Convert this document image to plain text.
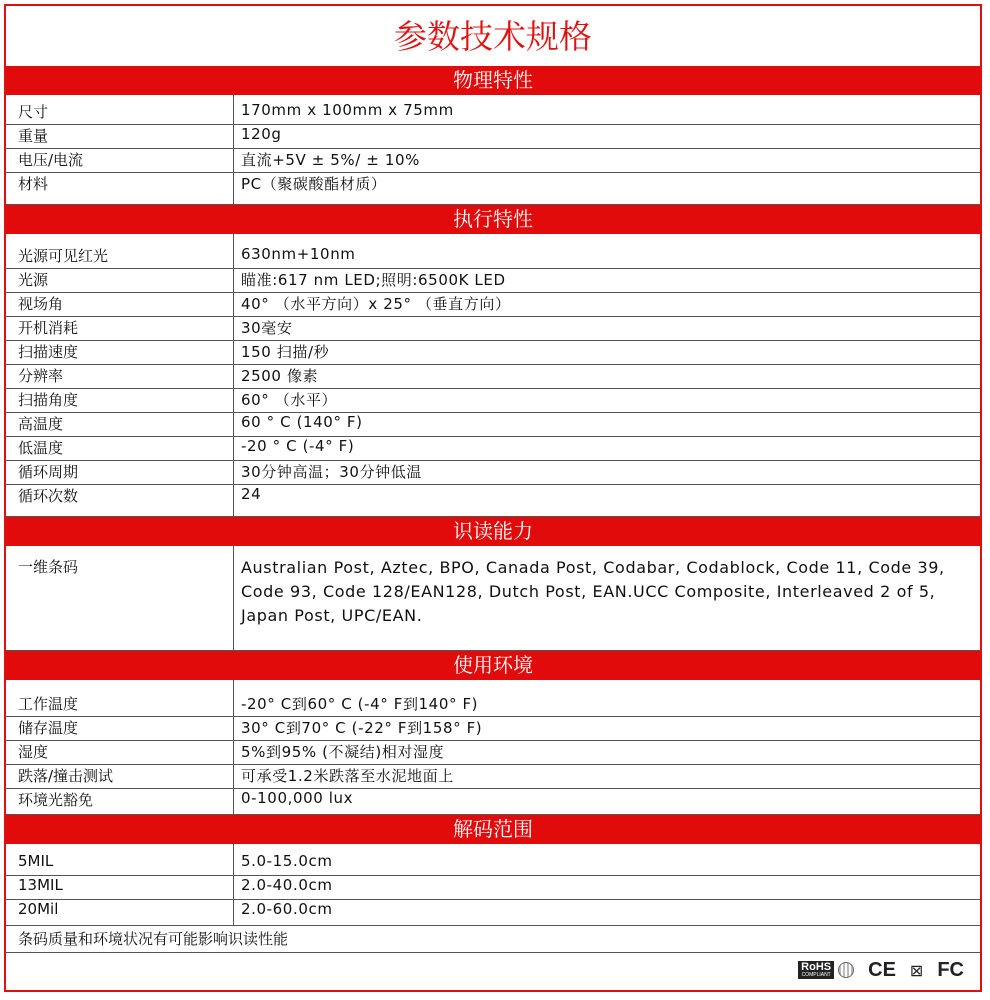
参数技术规格
物理特性
尺寸	170mm x 100mm x 75mm
重量	120g
电压/电流	直流+5V ± 5%/ ± 10%
材料	PC（聚碳酸酯材质）
执行特性
光源可见红光	630nm+10nm
光源	瞄准:617 nm LED;照明:6500K LED
视场角	40° （水平方向）x 25° （垂直方向）
开机消耗	30毫安
扫描速度	150 扫描/秒
分辨率	2500 像素
扫描角度	60° （水平）
高温度	60 ° C (140° F)
低温度	-20 ° C (-4° F)
循环周期	30分钟高温；30分钟低温
循环次数	24
识读能力
一维条码	Australian Post, Aztec, BPO, Canada Post, Codabar, Codablock, Code 11, Code 39, Code 93, Code 128/EAN128, Dutch Post, EAN.UCC Composite, Interleaved 2 of 5, Japan Post, UPC/EAN.
使用环境
工作温度	-20° C到60° C (-4° F到140° F)
储存温度	30° C到70° C (-22° F到158° F)
湿度	5%到95% (不凝结)相对湿度
跌落/撞击测试	可承受1.2米跌落至水泥地面上
环境光豁免	0-100,000 lux
解码范围
5MIL	5.0-15.0cm
13MIL	2.0-40.0cm
20Mil	2.0-60.0cm
条码质量和环境状况有可能影响识读性能
RoHS
COMPLIANT CE ⊠ FC
